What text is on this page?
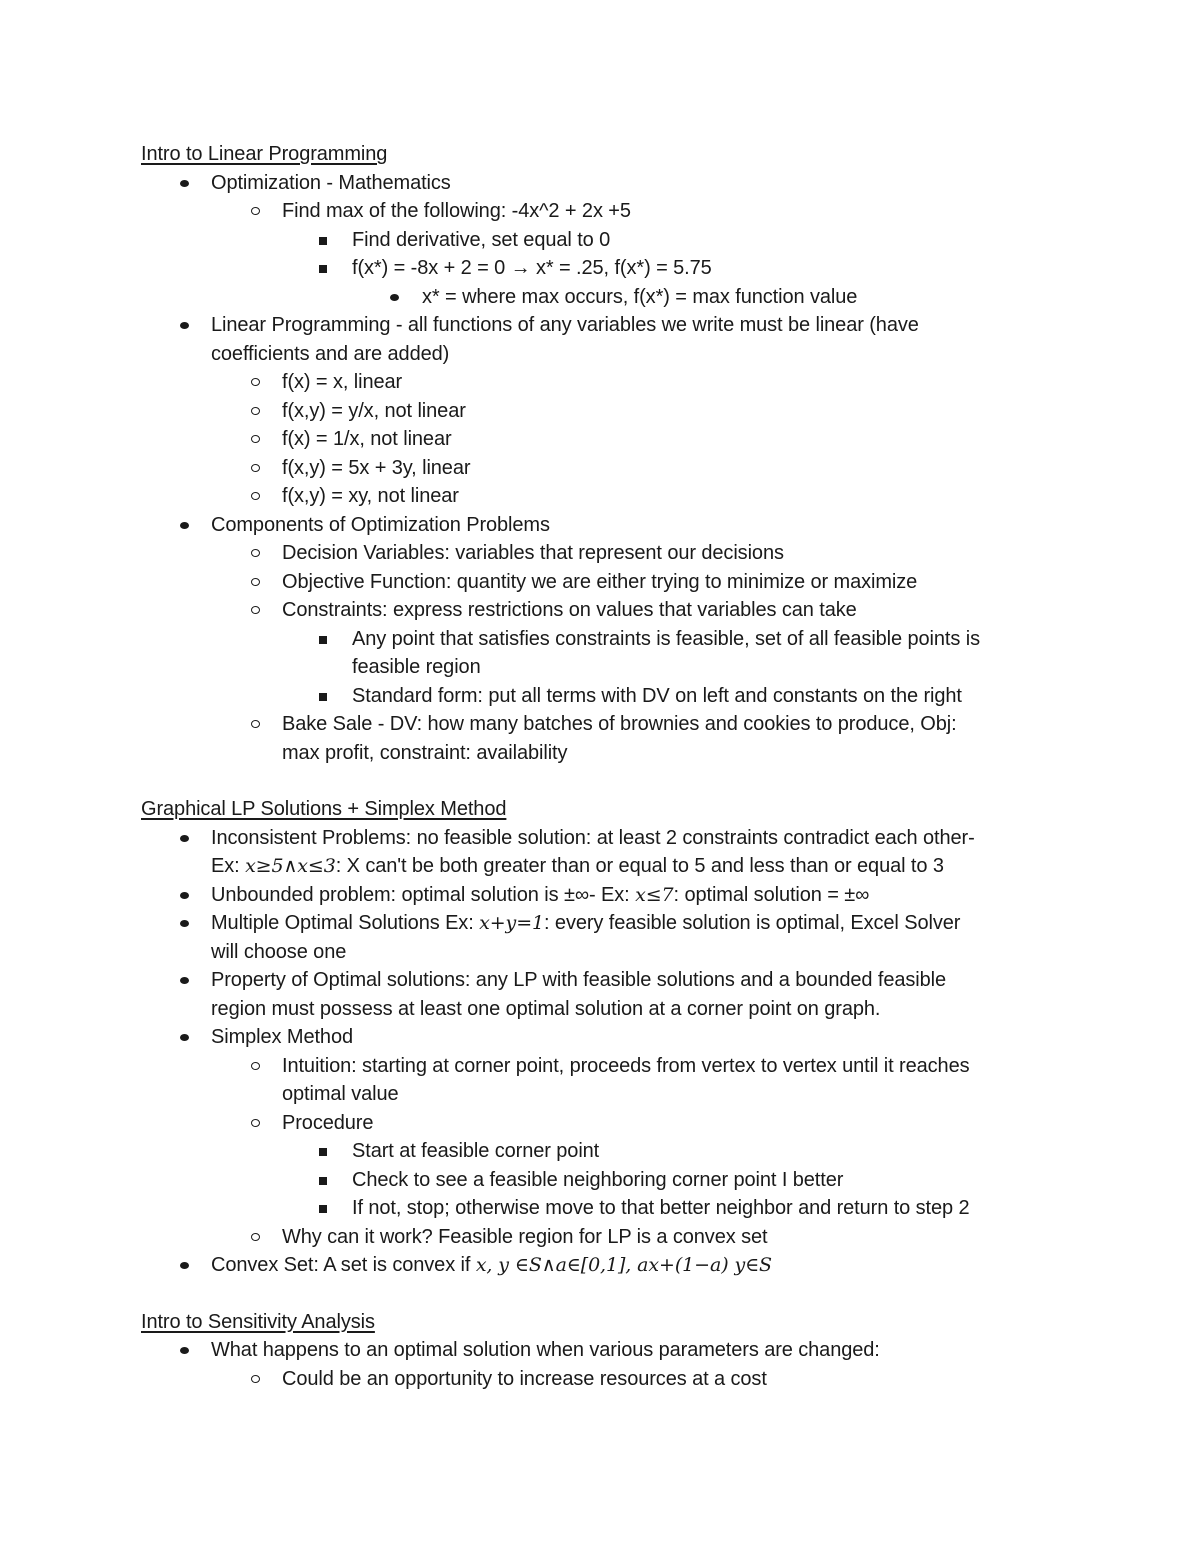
Intro to Linear Programming
Optimization - Mathematics
Find max of the following: -4x^2 + 2x +5
Find derivative, set equal to 0
f(x*) = -8x + 2 = 0 → x* = .25, f(x*) = 5.75
x* = where max occurs, f(x*) = max function value
Linear Programming - all functions of any variables we write must be linear (have
coefficients and are added)
f(x) = x, linear
f(x,y) = y/x, not linear
f(x) = 1/x, not linear
f(x,y) = 5x + 3y, linear
f(x,y) = xy, not linear
Components of Optimization Problems
Decision Variables: variables that represent our decisions
Objective Function: quantity we are either trying to minimize or maximize
Constraints: express restrictions on values that variables can take
Any point that satisfies constraints is feasible, set of all feasible points is
feasible region
Standard form: put all terms with DV on left and constants on the right
Bake Sale - DV: how many batches of brownies and cookies to produce, Obj:
max profit, constraint: availability
Graphical LP Solutions + Simplex Method
Inconsistent Problems: no feasible solution: at least 2 constraints contradict each other-
Ex: x≥5∧x≤3: X can't be both greater than or equal to 5 and less than or equal to 3
Unbounded problem: optimal solution is ±∞- Ex: x≤7: optimal solution = ±∞
Multiple Optimal Solutions Ex: x+y=1: every feasible solution is optimal, Excel Solver
will choose one
Property of Optimal solutions: any LP with feasible solutions and a bounded feasible
region must possess at least one optimal solution at a corner point on graph.
Simplex Method
Intuition: starting at corner point, proceeds from vertex to vertex until it reaches
optimal value
Procedure
Start at feasible corner point
Check to see a feasible neighboring corner point I better
If not, stop; otherwise move to that better neighbor and return to step 2
Why can it work? Feasible region for LP is a convex set
Convex Set: A set is convex if x, y ∈S∧a∈[0,1], ax+(1−a) y∈S
Intro to Sensitivity Analysis
What happens to an optimal solution when various parameters are changed:
Could be an opportunity to increase resources at a cost
